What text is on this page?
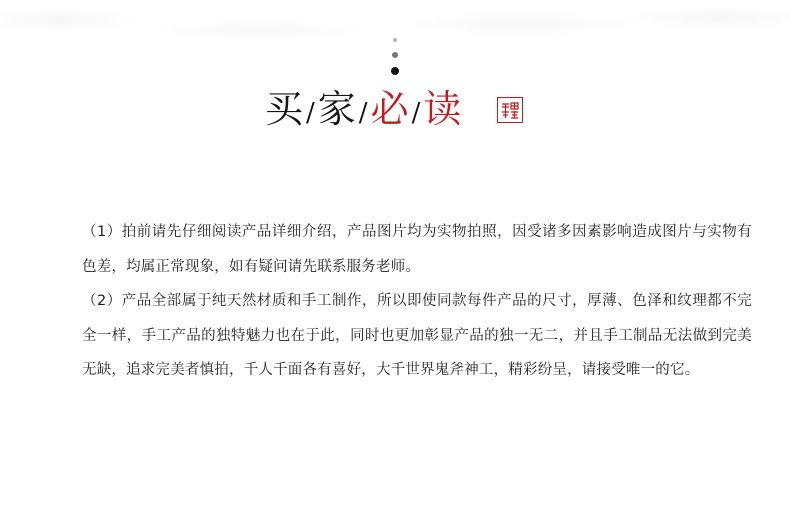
买 / 家 / 必 / 读

（1）拍前请先仔细阅读产品详细介绍，产品图片均为实物拍照，因受诸多因素影响造成图片与实物有色差，均属正常现象，如有疑问请先联系服务老师。

（2）产品全部属于纯天然材质和手工制作，所以即使同款每件产品的尺寸，厚薄、色泽和纹理都不完全一样，手工产品的独特魅力也在于此，同时也更加彰显产品的独一无二，并且手工制品无法做到完美无缺，追求完美者慎拍，千人千面各有喜好，大千世界鬼斧神工，精彩纷呈，请接受唯一的它。
